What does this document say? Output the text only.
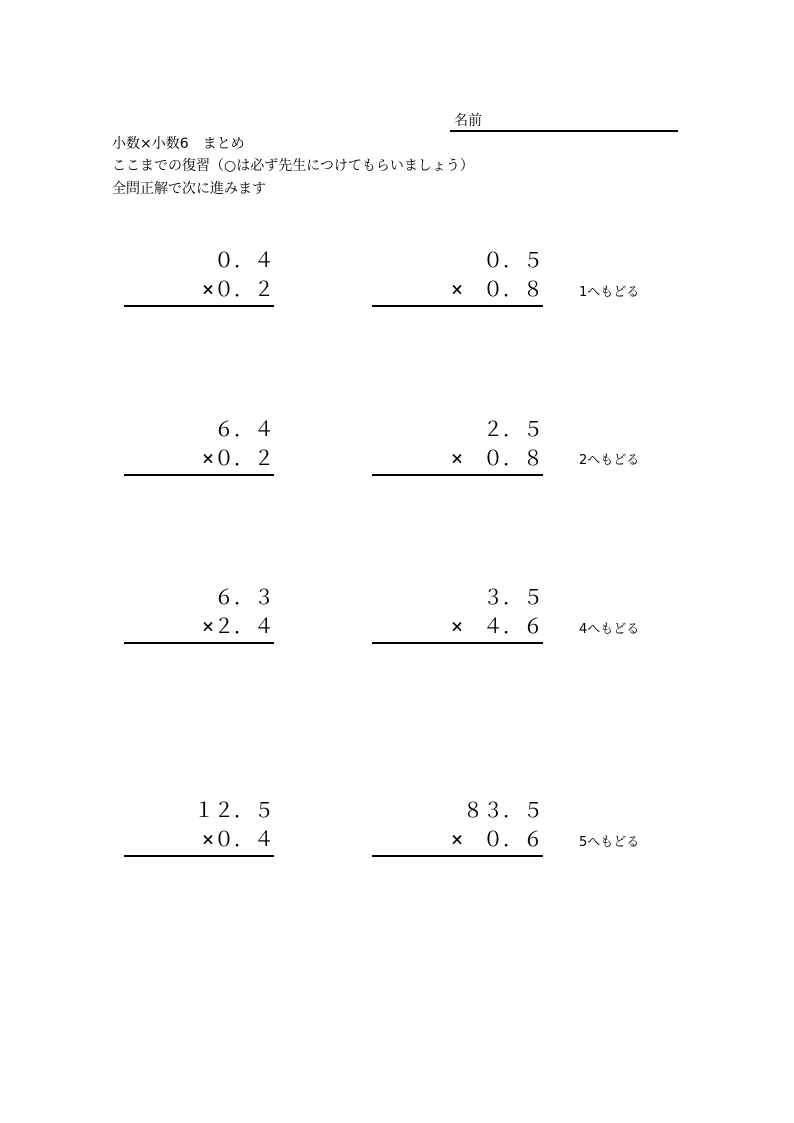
名前
小数×小数6　まとめ
ここまでの復習（○は必ず先生につけてもらいましょう）
全問正解で次に進みます
０．４
×０．２
０．５
×　０．８	1へもどる
６．４
×０．２
２．５
×　０．８	2へもどる
６．３
×２．４
３．５
×　４．６	4へもどる
１２．５
×０．４
８３．５
×　０．６	5へもどる
